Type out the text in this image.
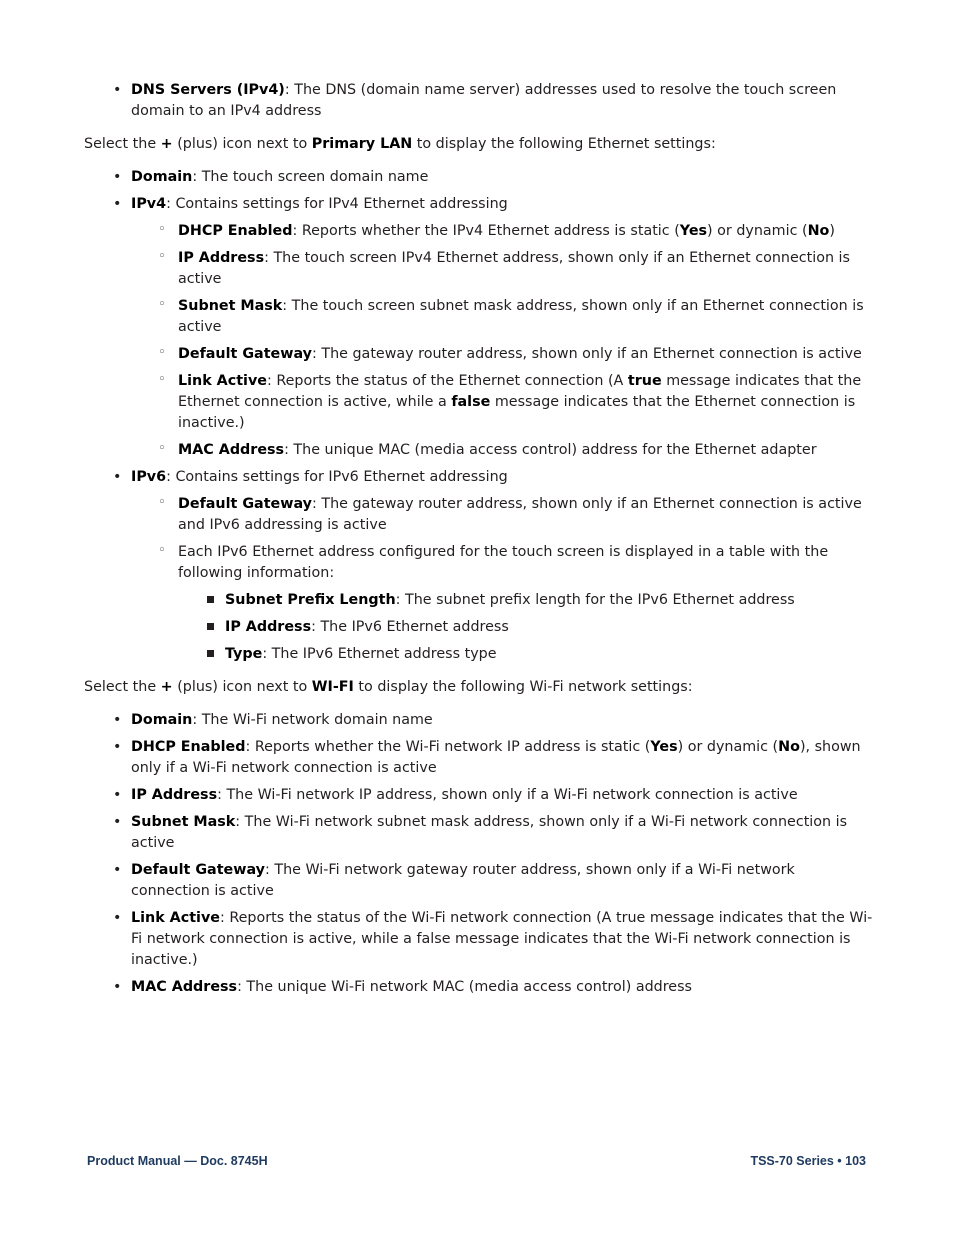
• DNS Servers (IPv4): The DNS (domain name server) addresses used to resolve the touch screen domain to an IPv4 address

Select the + (plus) icon next to Primary LAN to display the following Ethernet settings:

• Domain: The touch screen domain name
• IPv4: Contains settings for IPv4 Ethernet addressing
◦ DHCP Enabled: Reports whether the IPv4 Ethernet address is static (Yes) or dynamic (No)
◦ IP Address: The touch screen IPv4 Ethernet address, shown only if an Ethernet connection is active
◦ Subnet Mask: The touch screen subnet mask address, shown only if an Ethernet connection is active
◦ Default Gateway: The gateway router address, shown only if an Ethernet connection is active
◦ Link Active: Reports the status of the Ethernet connection (A true message indicates that the Ethernet connection is active, while a false message indicates that the Ethernet connection is inactive.)
◦ MAC Address: The unique MAC (media access control) address for the Ethernet adapter
• IPv6: Contains settings for IPv6 Ethernet addressing
◦ Default Gateway: The gateway router address, shown only if an Ethernet connection is active and IPv6 addressing is active
◦ Each IPv6 Ethernet address configured for the touch screen is displayed in a table with the following information:
Subnet Prefix Length: The subnet prefix length for the IPv6 Ethernet address
IP Address: The IPv6 Ethernet address
Type: The IPv6 Ethernet address type

Select the + (plus) icon next to WI-FI to display the following Wi-Fi network settings:

• Domain: The Wi-Fi network domain name
• DHCP Enabled: Reports whether the Wi-Fi network IP address is static (Yes) or dynamic (No), shown only if a Wi-Fi network connection is active
• IP Address: The Wi-Fi network IP address, shown only if a Wi-Fi network connection is active
• Subnet Mask: The Wi-Fi network subnet mask address, shown only if a Wi-Fi network connection is active
• Default Gateway: The Wi-Fi network gateway router address, shown only if a Wi-Fi network connection is active
• Link Active: Reports the status of the Wi-Fi network connection (A true message indicates that the Wi-Fi network connection is active, while a false message indicates that the Wi-Fi network connection is inactive.)
• MAC Address: The unique Wi-Fi network MAC (media access control) address
Product Manual — Doc. 8745H	TSS-70 Series • 103
